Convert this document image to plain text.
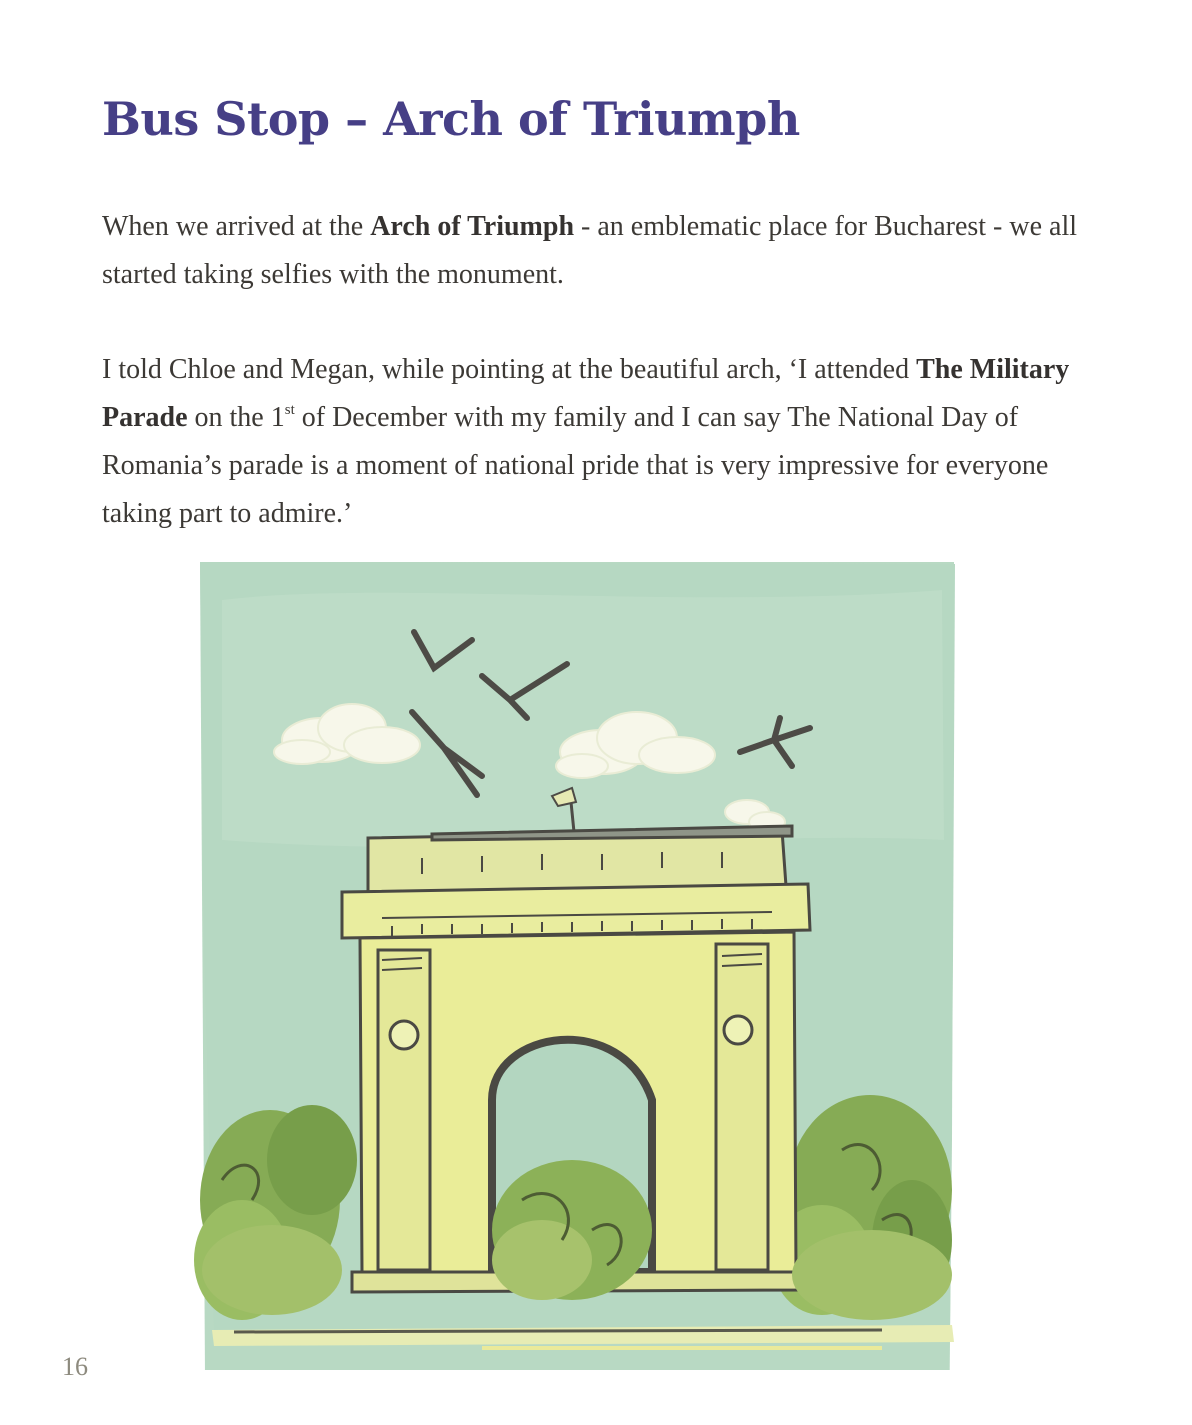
Bus Stop – Arch of Triumph

When we arrived at the Arch of Triumph - an emblematic place for Bucharest - we all started taking selfies with the monument.

I told Chloe and Megan, while pointing at the beautiful arch, ‘I attended The Military Parade on the 1st of December with my family and I can say The National Day of Romania’s parade is a moment of national pride that is very impressive for everyone taking part to admire.’

16
